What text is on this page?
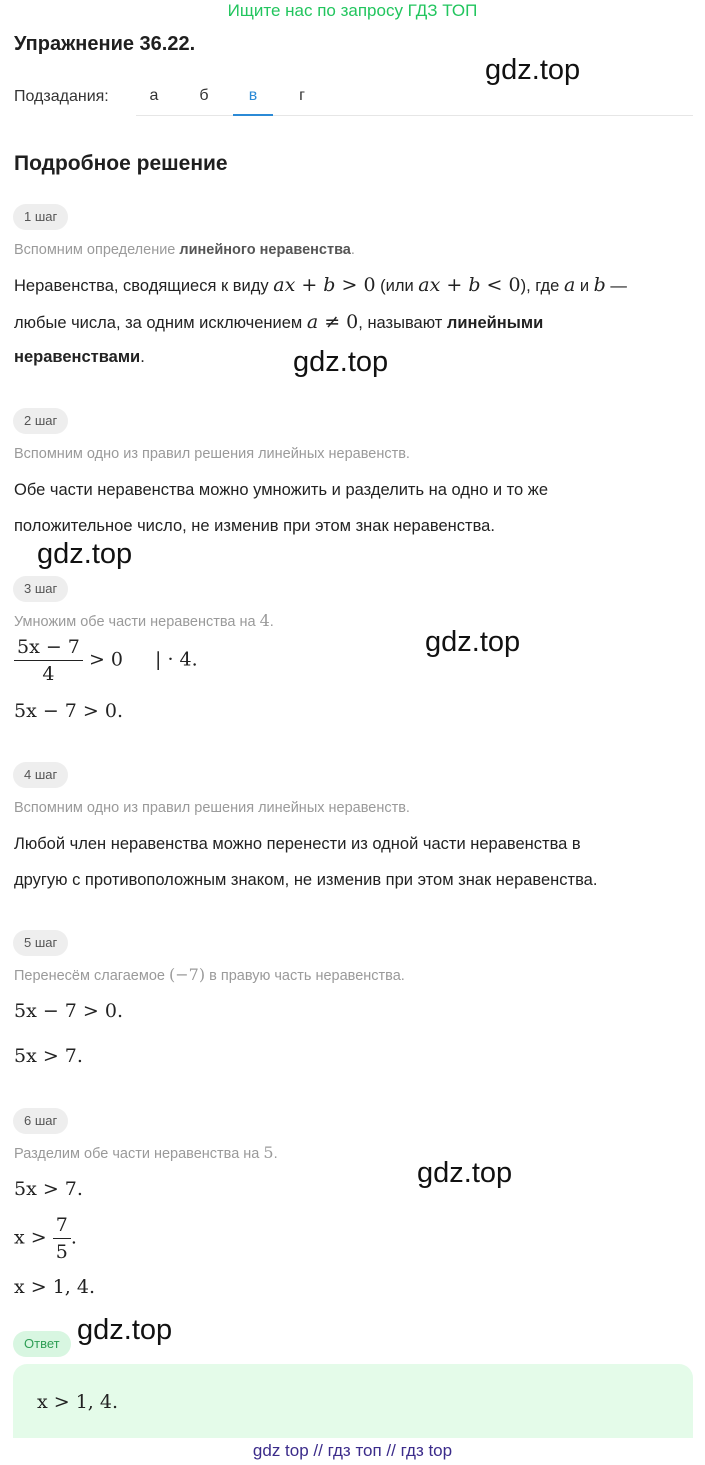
Ищите нас по запросу ГДЗ ТОП
Упражнение 36.22.
Подзадания:	а	б	в	г
Подробное решение
1 шаг
Вспомним определение линейного неравенства.
Неравенства, сводящиеся к виду ax + b > 0 (или ax + b < 0), где a и b —
любые числа, за одним исключением a ≠ 0, называют линейными
неравенствами.
2 шаг
Вспомним одно из правил решения линейных неравенств.
Обе части неравенства можно умножить и разделить на одно и то же
положительное число, не изменив при этом знак неравенства.
3 шаг
Умножим обе части неравенства на 4.
$\frac{5x - 7}{4} > 0$ | · 4.
5x − 7 > 0.
4 шаг
Вспомним одно из правил решения линейных неравенств.
Любой член неравенства можно перенести из одной части неравенства в
другую с противоположным знаком, не изменив при этом знак неравенства.
5 шаг
Перенесём слагаемое (−7) в правую часть неравенства.
5x − 7 > 0.
5x > 7.
6 шаг
Разделим обе части неравенства на 5.
5x > 7.
$x > \frac{7}{5}$ .
x > 1, 4.
Ответ
x > 1, 4.
gdz.top
gdz.top
gdz.top
gdz.top
gdz.top
gdz.top
gdz top // гдз топ // гдз top
